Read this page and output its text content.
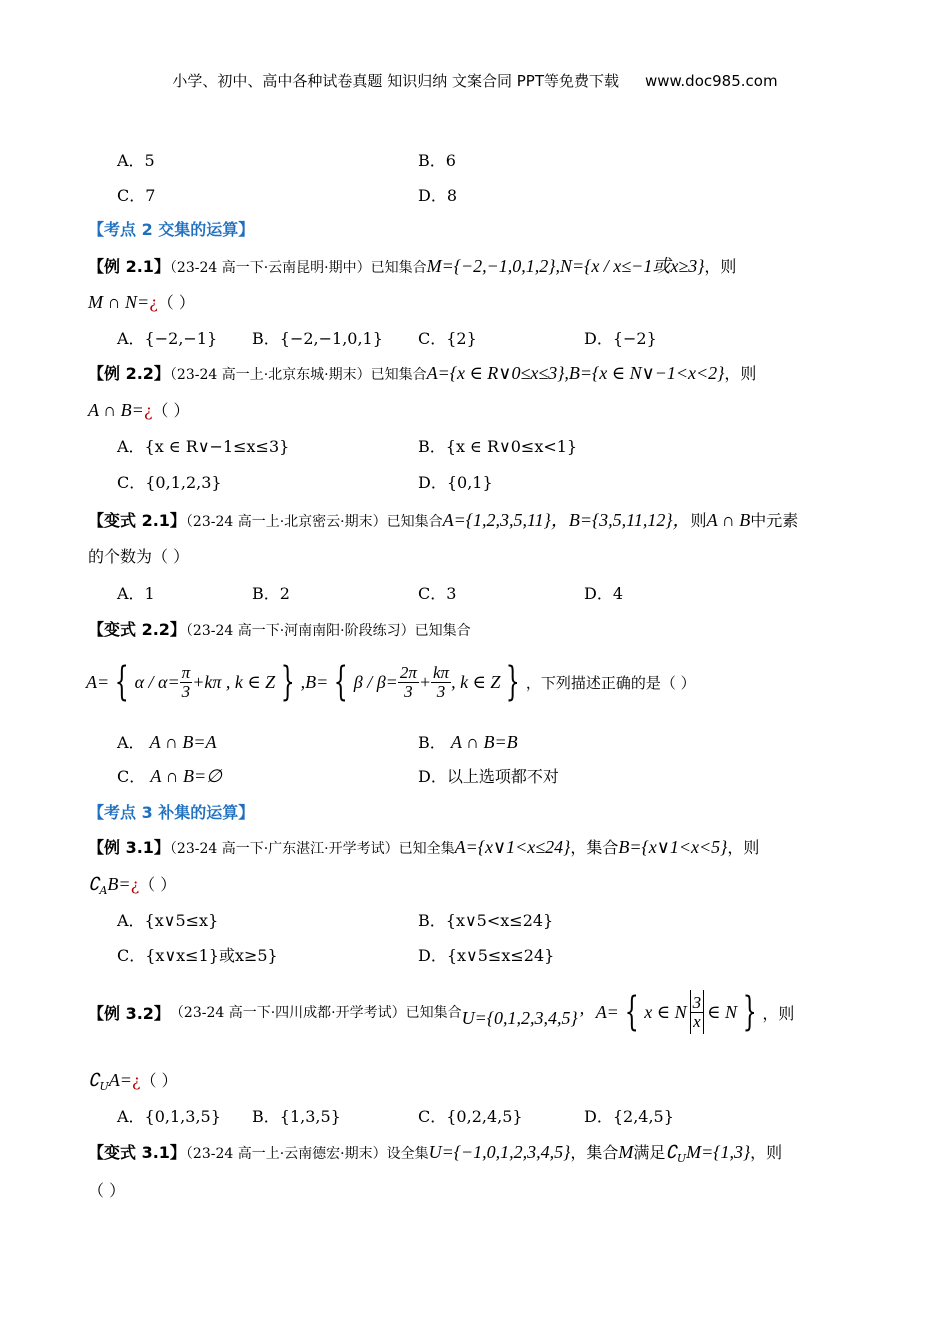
小学、初中、高中各种试卷真题 知识归纳 文案合同 PPT等免费下载 www.doc985.com
A．5	B．6
C．7	D．8
【考点 2 交集的运算】
【例 2.1】（23-24 高一下·云南昆明·期中）已知集合M={−2,−1,0,1,2},N={x / x≤−1或x≥3}，则
M ∩ N=¿（ ）
A．{−2,−1} B．{−2,−1,0,1} C．{2}	D．{−2}
【例 2.2】（23-24 高一上·北京东城·期末）已知集合A={x ∈ R∨0≤x≤3},B={x ∈ N∨−1<x<2}，则
A ∩ B=¿（ ）
A．{x ∈ R∨−1≤x≤3}	B．{x ∈ R∨0≤x<1}
C．{0,1,2,3}	D．{0,1}
【变式 2.1】（23-24 高一上·北京密云·期末）已知集合A={1,2,3,5,11}，B={3,5,11,12}，则A ∩ B中元素
的个数为（ ）
A．1	B．2	C．3	D．4
【变式 2.2】（23-24 高一下·河南南阳·阶段练习）已知集合
A= { $\alpha / \alpha= \frac{\pi}{3} +k\pi$ , k ∈ Z } ,B= { $\beta / \beta= \frac{2\pi}{3} + \frac{k\pi}{3}$ , k ∈ Z } ，下列描述正确的是（ ）
A． A ∩ B=A	B． A ∩ B=B
C． A ∩ B=∅	D．以上选项都不对
【考点 3 补集的运算】
【例 3.1】（23-24 高一下·广东湛江·开学考试）已知全集A={x∨1<x≤24}，集合B={x∨1<x<5}，则
$∁_AB=¿$（ ）
A．{x∨5≤x}	B．{x∨5<x≤24}
C．{x∨x≤1}或x≥5}	D．{x∨5≤x≤24}
【例 3.2】 （23-24 高一下·四川成都·开学考试）已知集合 U={0,1,2,3,4,5}’ A= { x ∈ N $\frac{3}{x}$ ∈ N } ，则
$∁_UA=¿$（ ）
A．{0,1,3,5} B．{1,3,5}	C．{0,2,4,5}	D．{2,4,5}
【变式 3.1】（23-24 高一上·云南德宏·期末）设全集U={−1,0,1,2,3,4,5}，集合M满足$∁_UM=\{1,3\}$，则
（ ）
